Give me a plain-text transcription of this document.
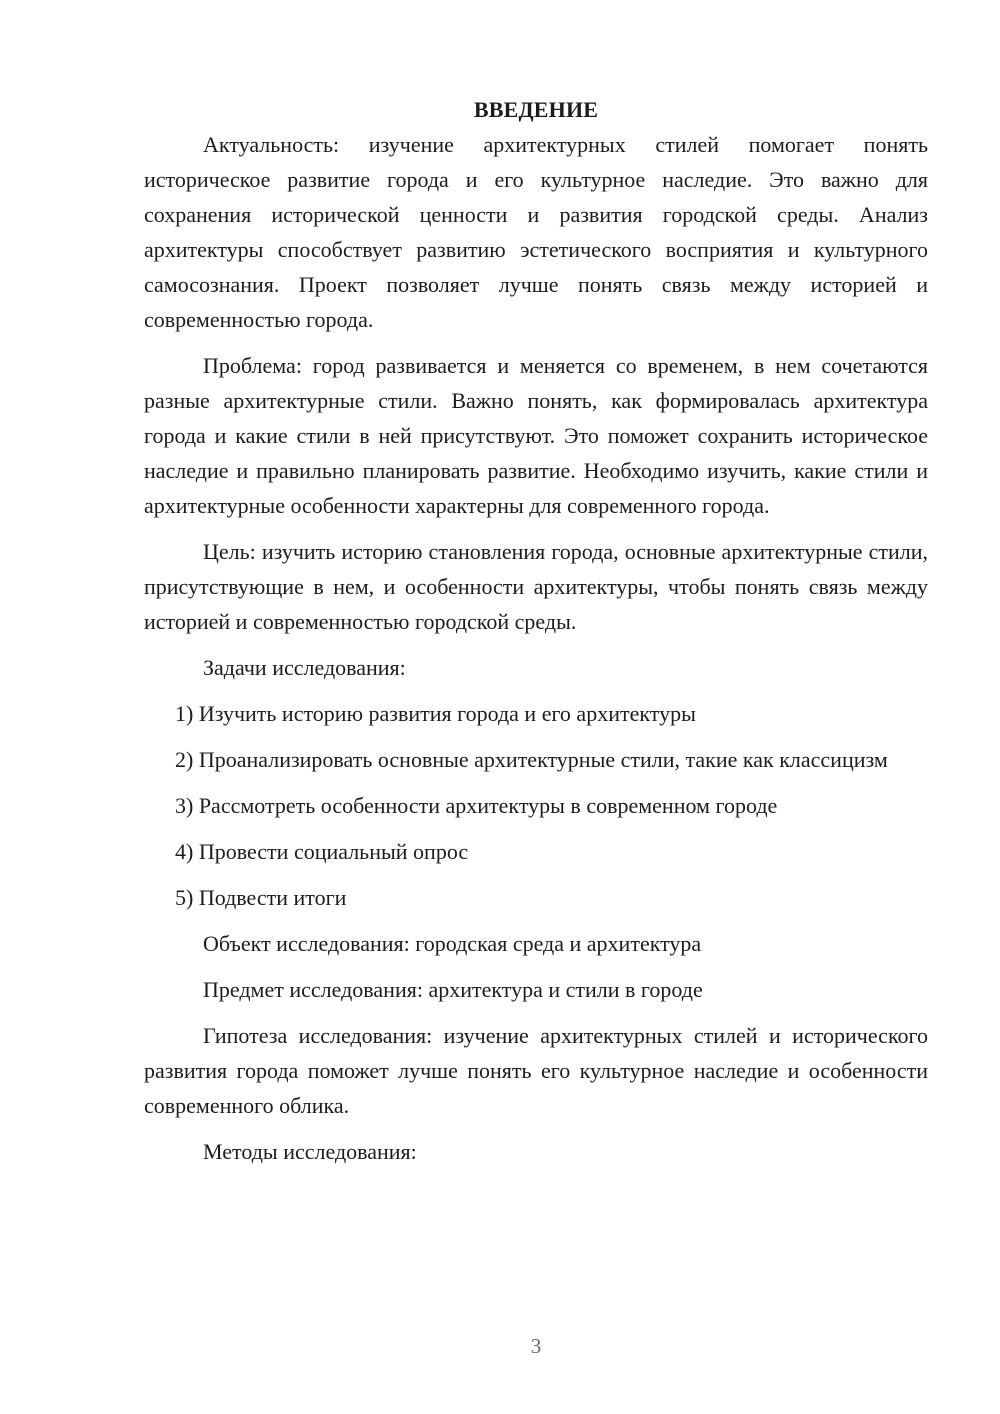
ВВЕДЕНИЕ

Актуальность: изучение архитектурных стилей помогает понять историческое развитие города и его культурное наследие. Это важно для сохранения исторической ценности и развития городской среды. Анализ архитектуры способствует развитию эстетического восприятия и культурного самосознания. Проект позволяет лучше понять связь между историей и современностью города.

Проблема: город развивается и меняется со временем, в нем сочетаются разные архитектурные стили. Важно понять, как формировалась архитектура города и какие стили в ней присутствуют. Это поможет сохранить историческое наследие и правильно планировать развитие. Необходимо изучить, какие стили и архитектурные особенности характерны для современного города.

Цель: изучить историю становления города, основные архитектурные стили, присутствующие в нем, и особенности архитектуры, чтобы понять связь между историей и современностью городской среды.

Задачи исследования:

1) Изучить историю развития города и его архитектуры

2) Проанализировать основные архитектурные стили, такие как классицизм

3) Рассмотреть особенности архитектуры в современном городе

4) Провести социальный опрос

5) Подвести итоги

Объект исследования: городская среда и архитектура

Предмет исследования: архитектура и стили в городе

Гипотеза исследования: изучение архитектурных стилей и исторического развития города поможет лучше понять его культурное наследие и особенности современного облика.

Методы исследования:

3
